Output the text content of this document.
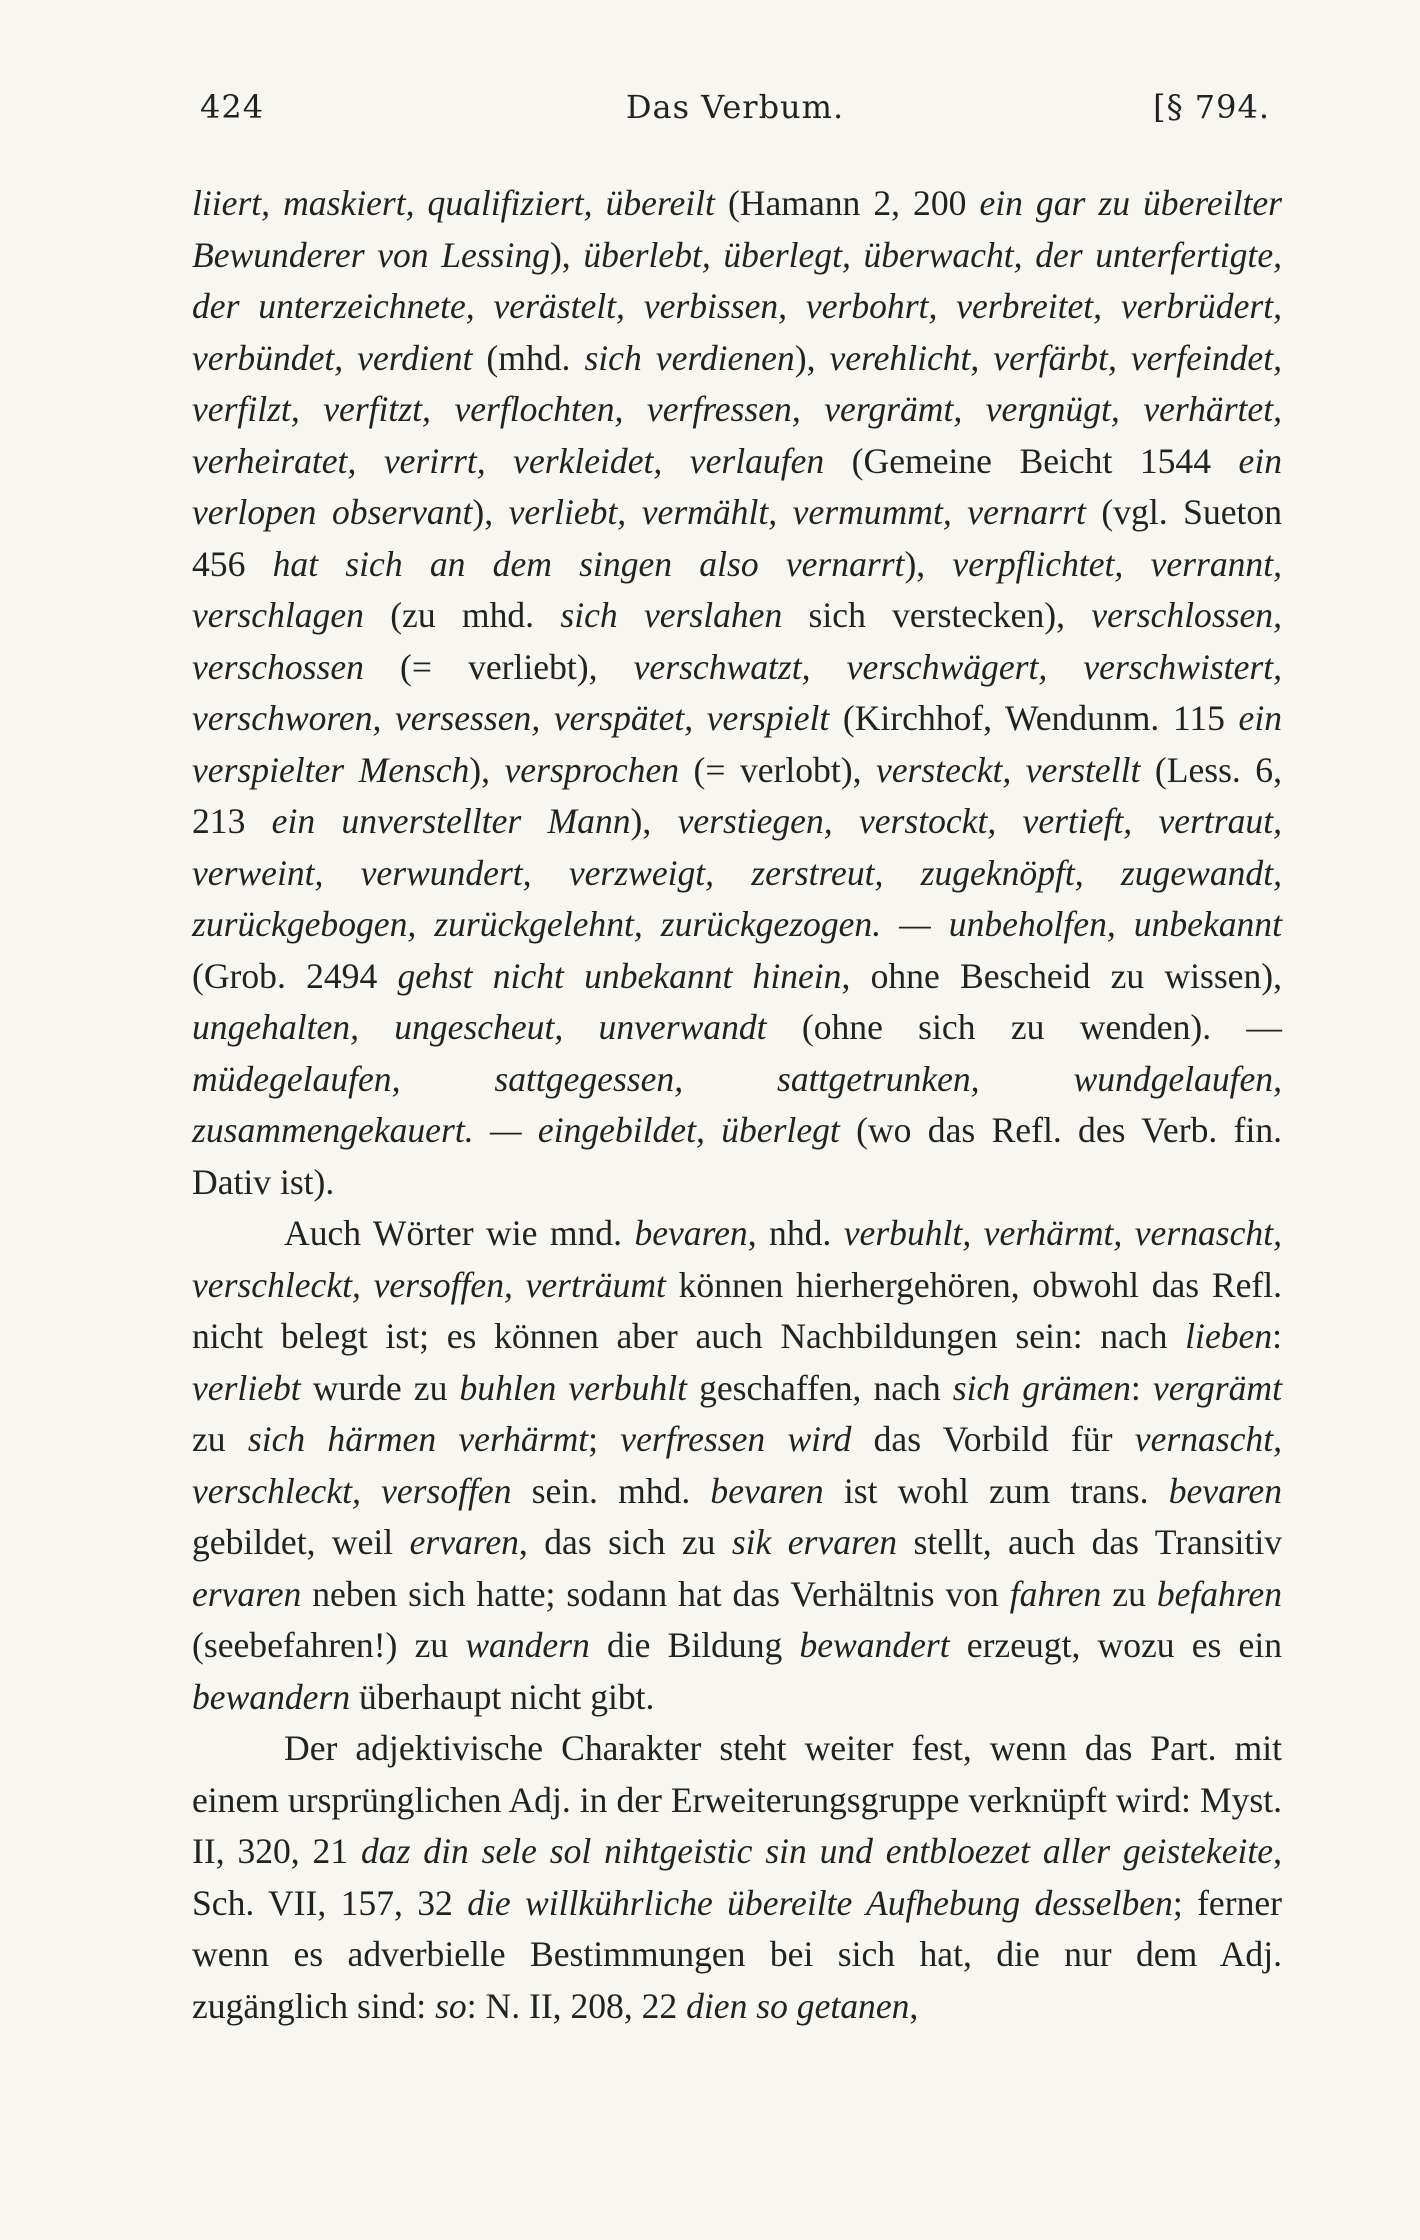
424	Das Verbum.	[§ 794.

liiert, maskiert, qualifiziert, übereilt (Hamann 2, 200 ein gar zu übereilter Bewunderer von Lessing), überlebt, überlegt, überwacht, der unterfertigte, der unterzeichnete, verästelt, verbissen, verbohrt, verbreitet, verbrüdert, verbündet, verdient (mhd. sich verdienen), verehlicht, verfärbt, verfeindet, verfilzt, verfitzt, verflochten, verfressen, vergrämt, vergnügt, verhärtet, verheiratet, verirrt, verkleidet, verlaufen (Gemeine Beicht 1544 ein verlopen observant), verliebt, vermählt, vermummt, vernarrt (vgl. Sueton 456 hat sich an dem singen also vernarrt), verpflichtet, verrannt, verschlagen (zu mhd. sich verslahen sich verstecken), verschlossen, verschossen (= verliebt), verschwatzt, verschwägert, verschwistert, verschworen, versessen, verspätet, verspielt (Kirchhof, Wendunm. 115 ein verspielter Mensch), versprochen (= verlobt), versteckt, verstellt (Less. 6, 213 ein unverstellter Mann), verstiegen, verstockt, vertieft, vertraut, verweint, verwundert, verzweigt, zerstreut, zugeknöpft, zugewandt, zurückgebogen, zurückgelehnt, zurückgezogen. — unbeholfen, unbekannt (Grob. 2494 gehst nicht unbekannt hinein, ohne Bescheid zu wissen), ungehalten, ungescheut, unverwandt (ohne sich zu wenden). — müdegelaufen, sattgegessen, sattgetrunken, wundgelaufen, zusammengekauert. — eingebildet, überlegt (wo das Refl. des Verb. fin. Dativ ist).

Auch Wörter wie mnd. bevaren, nhd. verbuhlt, verhärmt, vernascht, verschleckt, versoffen, verträumt können hierhergehören, obwohl das Refl. nicht belegt ist; es können aber auch Nachbildungen sein: nach lieben: verliebt wurde zu buhlen verbuhlt geschaffen, nach sich grämen: vergrämt zu sich härmen verhärmt; verfressen wird das Vorbild für vernascht, verschleckt, versoffen sein. mhd. bevaren ist wohl zum trans. bevaren gebildet, weil ervaren, das sich zu sik ervaren stellt, auch das Transitiv ervaren neben sich hatte; sodann hat das Verhältnis von fahren zu befahren (seebefahren!) zu wandern die Bildung bewandert erzeugt, wozu es ein bewandern überhaupt nicht gibt.

Der adjektivische Charakter steht weiter fest, wenn das Part. mit einem ursprünglichen Adj. in der Erweiterungsgruppe verknüpft wird: Myst. II, 320, 21 daz din sele sol nihtgeistic sin und entbloezet aller geistekeite, Sch. VII, 157, 32 die willkührliche übereilte Aufhebung desselben; ferner wenn es adverbielle Bestimmungen bei sich hat, die nur dem Adj. zugänglich sind: so: N. II, 208, 22 dien so getanen,
